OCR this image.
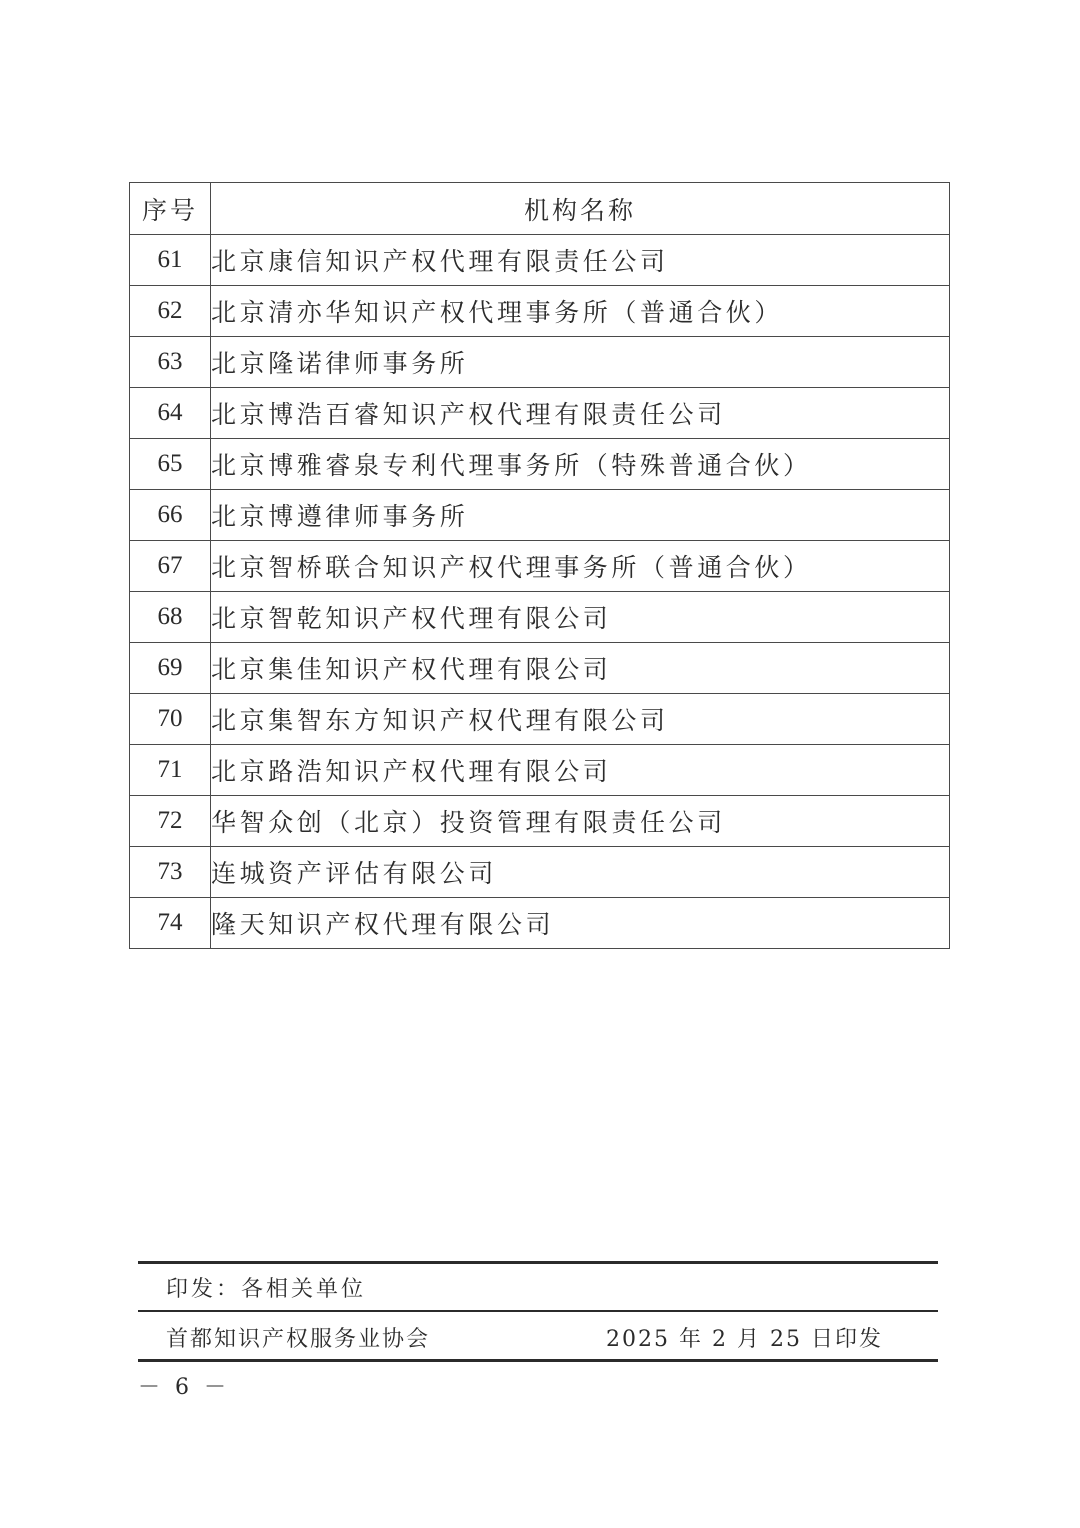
序号	机构名称
61	北京康信知识产权代理有限责任公司
62	北京清亦华知识产权代理事务所（普通合伙）
63	北京隆诺律师事务所
64	北京博浩百睿知识产权代理有限责任公司
65	北京博雅睿泉专利代理事务所（特殊普通合伙）
66	北京博遵律师事务所
67	北京智桥联合知识产权代理事务所（普通合伙）
68	北京智乾知识产权代理有限公司
69	北京集佳知识产权代理有限公司
70	北京集智东方知识产权代理有限公司
71	北京路浩知识产权代理有限公司
72	华智众创（北京）投资管理有限责任公司
73	连城资产评估有限公司
74	隆天知识产权代理有限公司
印发：各相关单位
首都知识产权服务业协会	2025 年 2 月 25 日印发
－ 6 －
